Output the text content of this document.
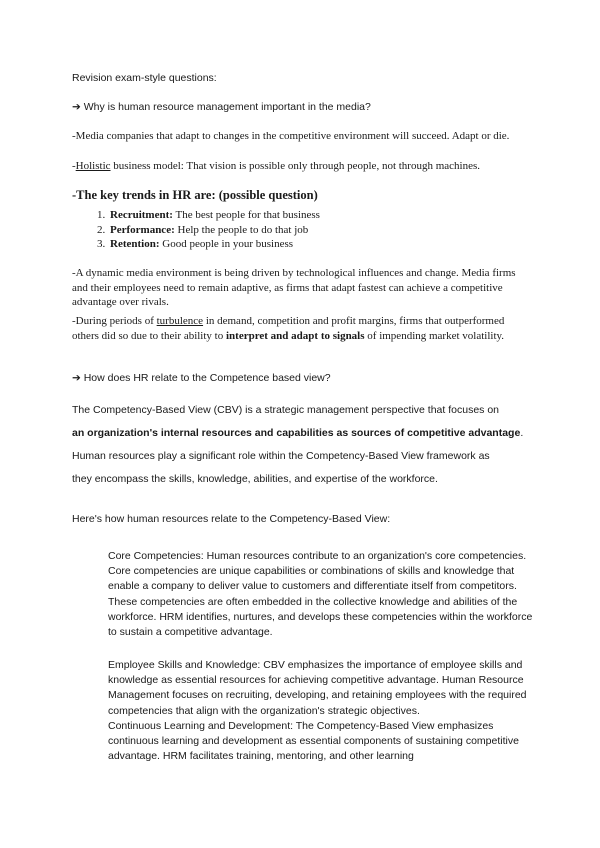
Revision exam-style questions:
➔ Why is human resource management important in the media?
-Media companies that adapt to changes in the competitive environment will succeed. Adapt or die.
-Holistic business model: That vision is possible only through people, not through machines.
-The key trends in HR are: (possible question)
1. Recruitment: The best people for that business
2. Performance: Help the people to do that job
3. Retention: Good people in your business
-A dynamic media environment is being driven by technological influences and change. Media firms and their employees need to remain adaptive, as firms that adapt fastest can achieve a competitive advantage over rivals.
-During periods of turbulence in demand, competition and profit margins, firms that outperformed others did so due to their ability to interpret and adapt to signals of impending market volatility.
➔ How does HR relate to the Competence based view?
The Competency-Based View (CBV) is a strategic management perspective that focuses on
an organization's internal resources and capabilities as sources of competitive advantage.
Human resources play a significant role within the Competency-Based View framework as
they encompass the skills, knowledge, abilities, and expertise of the workforce.
Here's how human resources relate to the Competency-Based View:
Core Competencies: Human resources contribute to an organization's core competencies. Core competencies are unique capabilities or combinations of skills and knowledge that enable a company to deliver value to customers and differentiate itself from competitors. These competencies are often embedded in the collective knowledge and abilities of the workforce. HRM identifies, nurtures, and develops these competencies within the workforce to sustain a competitive advantage.
Employee Skills and Knowledge: CBV emphasizes the importance of employee skills and knowledge as essential resources for achieving competitive advantage. Human Resource Management focuses on recruiting, developing, and retaining employees with the required competencies that align with the organization's strategic objectives.
Continuous Learning and Development: The Competency-Based View emphasizes continuous learning and development as essential components of sustaining competitive advantage. HRM facilitates training, mentoring, and other learning
